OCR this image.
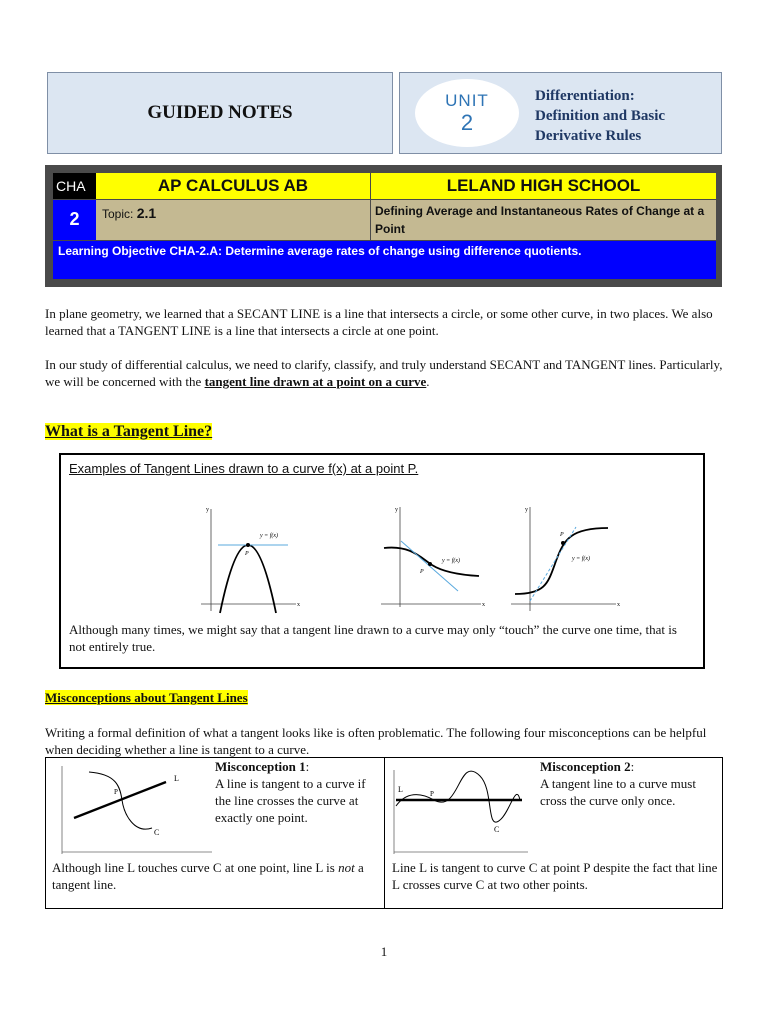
GUIDED NOTES
UNIT
2
Differentiation:
Definition and Basic
Derivative Rules
CHA	AP CALCULUS AB	LELAND HIGH SCHOOL
2	Topic: 2.1	Defining Average and Instantaneous Rates of Change at a Point
Learning Objective CHA-2.A: Determine average rates of change using difference quotients.
In plane geometry, we learned that a SECANT LINE is a line that intersects a circle, or some other curve, in two places. We also learned that a TANGENT LINE is a line that intersects a circle at one point.
In our study of differential calculus, we need to clarify, classify, and truly understand SECANT and TANGENT lines. Particularly, we will be concerned with the tangent line drawn at a point on a curve.
What is a Tangent Line?
Examples of Tangent Lines drawn to a curve f(x) at a point P.
y
x
P
y = f(x)
y
x
P
y = f(x)
y
x
P
y = f(x)
Although many times, we might say that a tangent line drawn to a curve may only “touch” the curve one time, that is not entirely true.
Misconceptions about Tangent Lines
Writing a formal definition of what a tangent looks like is often problematic. The following four misconceptions can be helpful when deciding whether a line is tangent to a curve.
L
P
C
Misconception 1:
A line is tangent to a curve if the line crosses the curve at exactly one point.
Although line L touches curve C at one point, line L is not a tangent line.
L	P
C
Misconception 2:
A tangent line to a curve must cross the curve only once.
Line L is tangent to curve C at point P despite the fact that line L crosses curve C at two other points.
1
